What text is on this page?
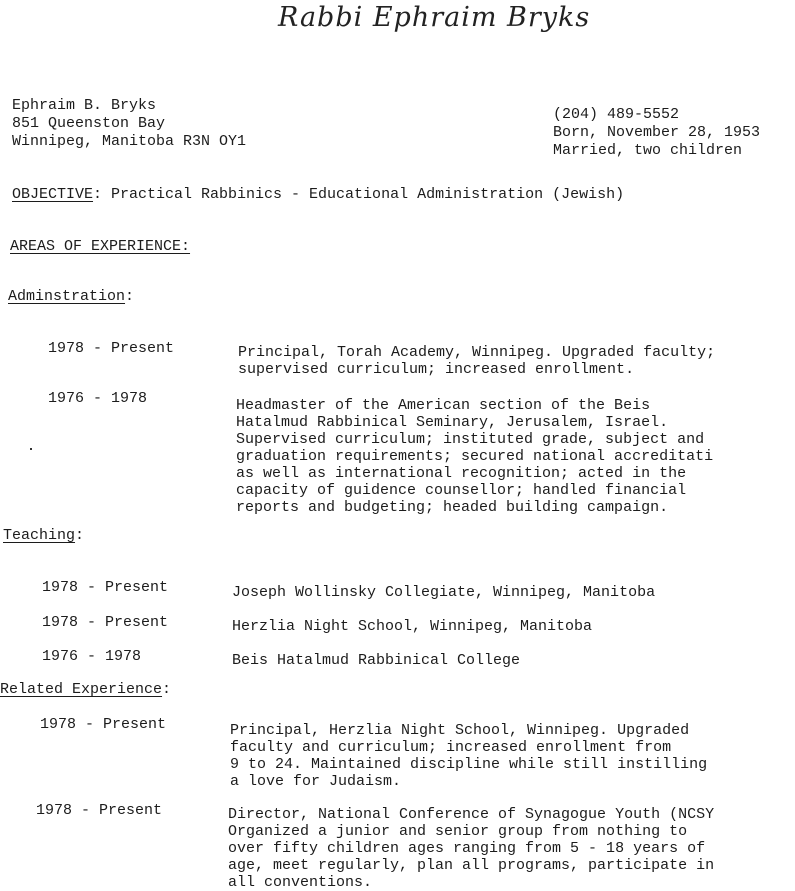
Rabbi Ephraim Bryks
Ephraim B. Bryks
851 Queenston Bay
Winnipeg, Manitoba R3N OY1
(204) 489-5552
Born, November 28, 1953
Married, two children
OBJECTIVE: Practical Rabbinics - Educational Administration (Jewish)
AREAS OF EXPERIENCE:
Adminstration:
1978 - Present	Principal, Torah Academy, Winnipeg. Upgraded faculty;
supervised curriculum; increased enrollment.
1976 - 1978	Headmaster of the American section of the Beis
Hatalmud Rabbinical Seminary, Jerusalem, Israel.
Supervised curriculum; instituted grade, subject and
graduation requirements; secured national accreditati
as well as international recognition; acted in the
capacity of guidence counsellor; handled financial
reports and budgeting; headed building campaign.
Teaching:
1978 - Present	Joseph Wollinsky Collegiate, Winnipeg, Manitoba
1978 - Present	Herzlia Night School, Winnipeg, Manitoba
1976 - 1978	Beis Hatalmud Rabbinical College
Related Experience:
1978 - Present	Principal, Herzlia Night School, Winnipeg. Upgraded
faculty and curriculum; increased enrollment from
9 to 24. Maintained discipline while still instilling
a love for Judaism.
1978 - Present	Director, National Conference of Synagogue Youth (NCSY
Organized a junior and senior group from nothing to
over fifty children ages ranging from 5 - 18 years of
age, meet regularly, plan all programs, participate in
all conventions.
